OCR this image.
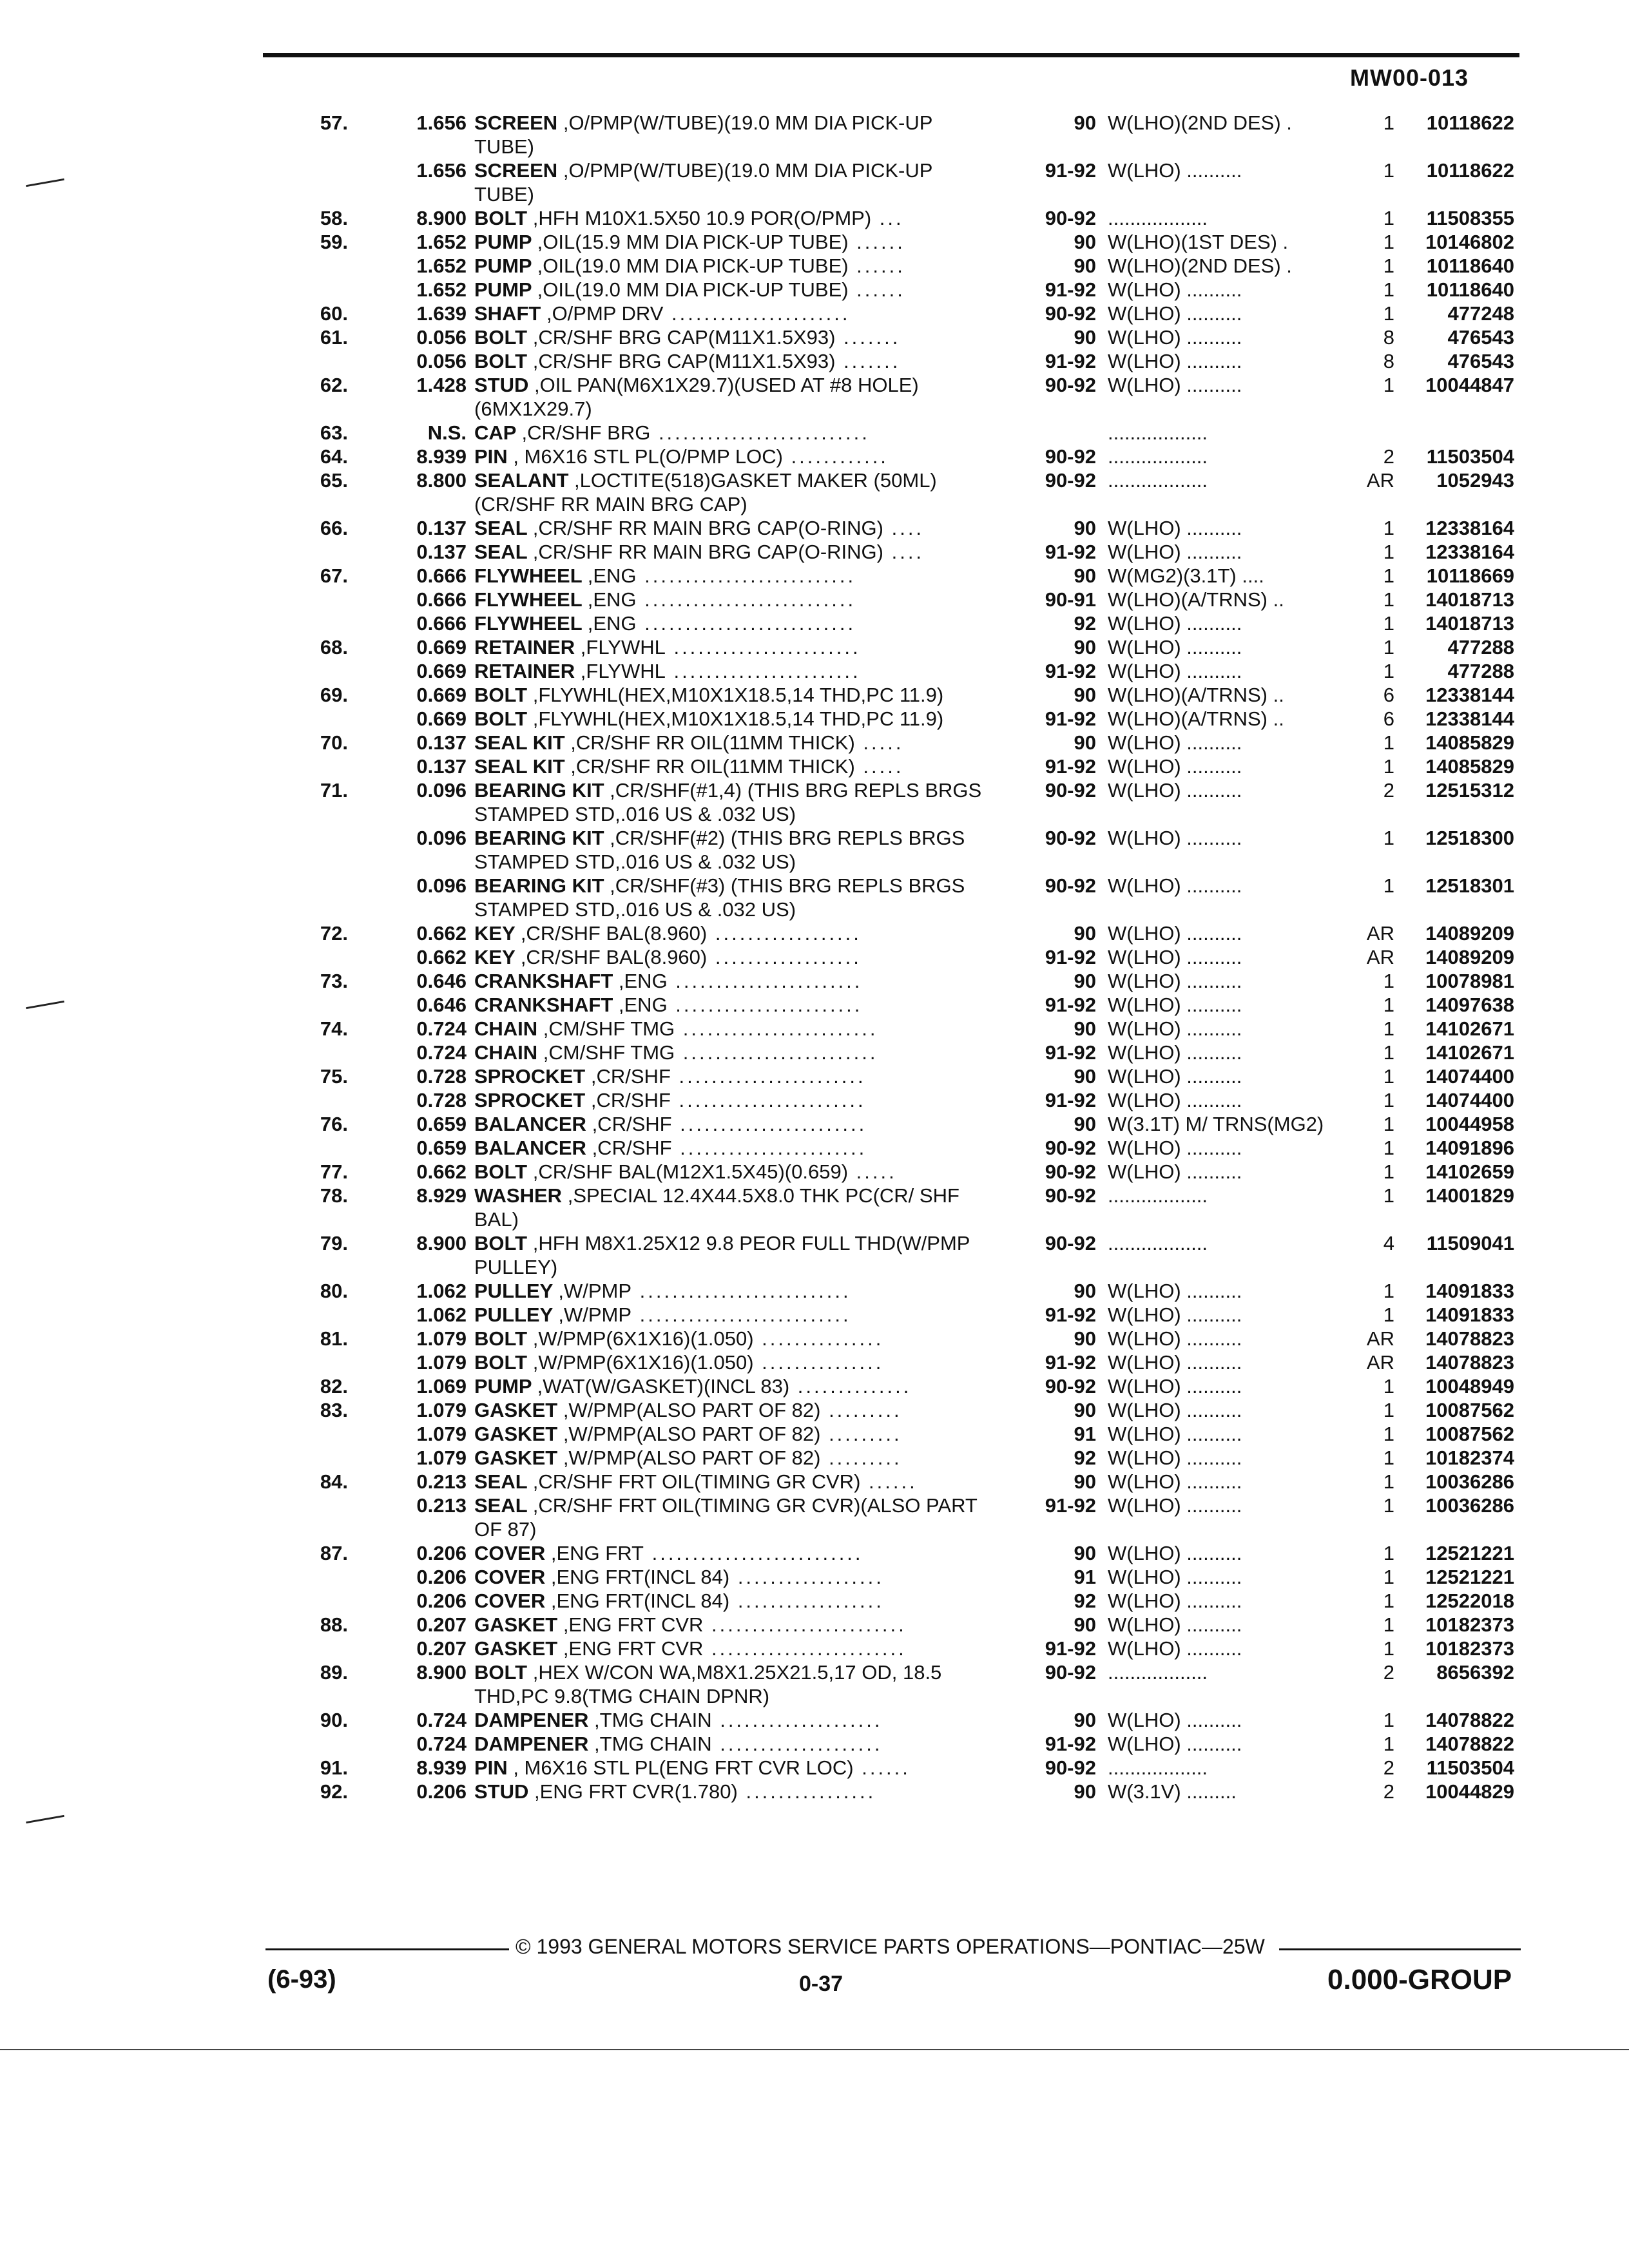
MW00-013
57.	1.656	SCREEN ,O/PMP(W/TUBE)(19.0 MM DIA PICK-UP TUBE)	90	W(LHO)(2ND DES) .	1	10118622
	1.656	SCREEN ,O/PMP(W/TUBE)(19.0 MM DIA PICK-UP TUBE)	91-92	W(LHO) ..........	1	10118622
58.	8.900	BOLT ,HFH M10X1.5X50 10.9 POR(O/PMP) ...	90-92	..................	1	11508355
59.	1.652	PUMP ,OIL(15.9 MM DIA PICK-UP TUBE) ......	90	W(LHO)(1ST DES) .	1	10146802
	1.652	PUMP ,OIL(19.0 MM DIA PICK-UP TUBE) ......	90	W(LHO)(2ND DES) .	1	10118640
	1.652	PUMP ,OIL(19.0 MM DIA PICK-UP TUBE) ......	91-92	W(LHO) ..........	1	10118640
60.	1.639	SHAFT ,O/PMP DRV ......................	90-92	W(LHO) ..........	1	477248
61.	0.056	BOLT ,CR/SHF BRG CAP(M11X1.5X93) .......	90	W(LHO) ..........	8	476543
	0.056	BOLT ,CR/SHF BRG CAP(M11X1.5X93) .......	91-92	W(LHO) ..........	8	476543
62.	1.428	STUD ,OIL PAN(M6X1X29.7)(USED AT #8 HOLE)(6MX1X29.7)	90-92	W(LHO) ..........	1	10044847
63.	N.S.	CAP ,CR/SHF BRG ..........................		..................		
64.	8.939	PIN , M6X16 STL PL(O/PMP LOC) ............	90-92	..................	2	11503504
65.	8.800	SEALANT ,LOCTITE(518)GASKET MAKER (50ML)(CR/SHF RR MAIN BRG CAP)	90-92	..................	AR	1052943
66.	0.137	SEAL ,CR/SHF RR MAIN BRG CAP(O-RING) ....	90	W(LHO) ..........	1	12338164
	0.137	SEAL ,CR/SHF RR MAIN BRG CAP(O-RING) ....	91-92	W(LHO) ..........	1	12338164
67.	0.666	FLYWHEEL ,ENG ..........................	90	W(MG2)(3.1T) ....	1	10118669
	0.666	FLYWHEEL ,ENG ..........................	90-91	W(LHO)(A/TRNS) ..	1	14018713
	0.666	FLYWHEEL ,ENG ..........................	92	W(LHO) ..........	1	14018713
68.	0.669	RETAINER ,FLYWHL .......................	90	W(LHO) ..........	1	477288
	0.669	RETAINER ,FLYWHL .......................	91-92	W(LHO) ..........	1	477288
69.	0.669	BOLT ,FLYWHL(HEX,M10X1X18.5,14 THD,PC 11.9)	90	W(LHO)(A/TRNS) ..	6	12338144
	0.669	BOLT ,FLYWHL(HEX,M10X1X18.5,14 THD,PC 11.9)	91-92	W(LHO)(A/TRNS) ..	6	12338144
70.	0.137	SEAL KIT ,CR/SHF RR OIL(11MM THICK) .....	90	W(LHO) ..........	1	14085829
	0.137	SEAL KIT ,CR/SHF RR OIL(11MM THICK) .....	91-92	W(LHO) ..........	1	14085829
71.	0.096	BEARING KIT ,CR/SHF(#1,4) (THIS BRG REPLS BRGS STAMPED STD,.016 US & .032 US)	90-92	W(LHO) ..........	2	12515312
	0.096	BEARING KIT ,CR/SHF(#2) (THIS BRG REPLS BRGS STAMPED STD,.016 US & .032 US)	90-92	W(LHO) ..........	1	12518300
	0.096	BEARING KIT ,CR/SHF(#3) (THIS BRG REPLS BRGS STAMPED STD,.016 US & .032 US)	90-92	W(LHO) ..........	1	12518301
72.	0.662	KEY ,CR/SHF BAL(8.960) ..................	90	W(LHO) ..........	AR	14089209
	0.662	KEY ,CR/SHF BAL(8.960) ..................	91-92	W(LHO) ..........	AR	14089209
73.	0.646	CRANKSHAFT ,ENG .......................	90	W(LHO) ..........	1	10078981
	0.646	CRANKSHAFT ,ENG .......................	91-92	W(LHO) ..........	1	14097638
74.	0.724	CHAIN ,CM/SHF TMG ........................	90	W(LHO) ..........	1	14102671
	0.724	CHAIN ,CM/SHF TMG ........................	91-92	W(LHO) ..........	1	14102671
75.	0.728	SPROCKET ,CR/SHF .......................	90	W(LHO) ..........	1	14074400
	0.728	SPROCKET ,CR/SHF .......................	91-92	W(LHO) ..........	1	14074400
76.	0.659	BALANCER ,CR/SHF .......................	90	W(3.1T) M/ TRNS(MG2)	1	10044958
	0.659	BALANCER ,CR/SHF .......................	90-92	W(LHO) ..........	1	14091896
77.	0.662	BOLT ,CR/SHF BAL(M12X1.5X45)(0.659) .....	90-92	W(LHO) ..........	1	14102659
78.	8.929	WASHER ,SPECIAL 12.4X44.5X8.0 THK PC(CR/ SHF BAL)	90-92	..................	1	14001829
79.	8.900	BOLT ,HFH M8X1.25X12 9.8 PEOR FULL THD(W/PMP PULLEY)	90-92	..................	4	11509041
80.	1.062	PULLEY ,W/PMP ..........................	90	W(LHO) ..........	1	14091833
	1.062	PULLEY ,W/PMP ..........................	91-92	W(LHO) ..........	1	14091833
81.	1.079	BOLT ,W/PMP(6X1X16)(1.050) ...............	90	W(LHO) ..........	AR	14078823
	1.079	BOLT ,W/PMP(6X1X16)(1.050) ...............	91-92	W(LHO) ..........	AR	14078823
82.	1.069	PUMP ,WAT(W/GASKET)(INCL 83) ..............	90-92	W(LHO) ..........	1	10048949
83.	1.079	GASKET ,W/PMP(ALSO PART OF 82) .........	90	W(LHO) ..........	1	10087562
	1.079	GASKET ,W/PMP(ALSO PART OF 82) .........	91	W(LHO) ..........	1	10087562
	1.079	GASKET ,W/PMP(ALSO PART OF 82) .........	92	W(LHO) ..........	1	10182374
84.	0.213	SEAL ,CR/SHF FRT OIL(TIMING GR CVR) ......	90	W(LHO) ..........	1	10036286
	0.213	SEAL ,CR/SHF FRT OIL(TIMING GR CVR)(ALSO PART OF 87)	91-92	W(LHO) ..........	1	10036286
87.	0.206	COVER ,ENG FRT ..........................	90	W(LHO) ..........	1	12521221
	0.206	COVER ,ENG FRT(INCL 84) ..................	91	W(LHO) ..........	1	12521221
	0.206	COVER ,ENG FRT(INCL 84) ..................	92	W(LHO) ..........	1	12522018
88.	0.207	GASKET ,ENG FRT CVR ........................	90	W(LHO) ..........	1	10182373
	0.207	GASKET ,ENG FRT CVR ........................	91-92	W(LHO) ..........	1	10182373
89.	8.900	BOLT ,HEX W/CON WA,M8X1.25X21.5,17 OD, 18.5 THD,PC 9.8(TMG CHAIN DPNR)	90-92	..................	2	8656392
90.	0.724	DAMPENER ,TMG CHAIN ....................	90	W(LHO) ..........	1	14078822
	0.724	DAMPENER ,TMG CHAIN ....................	91-92	W(LHO) ..........	1	14078822
91.	8.939	PIN , M6X16 STL PL(ENG FRT CVR LOC) ......	90-92	..................	2	11503504
92.	0.206	STUD ,ENG FRT CVR(1.780) ................	90	W(3.1V) .........	2	10044829
© 1993 GENERAL MOTORS SERVICE PARTS OPERATIONS—PONTIAC—25W
(6-93)	0-37	0.000-GROUP
